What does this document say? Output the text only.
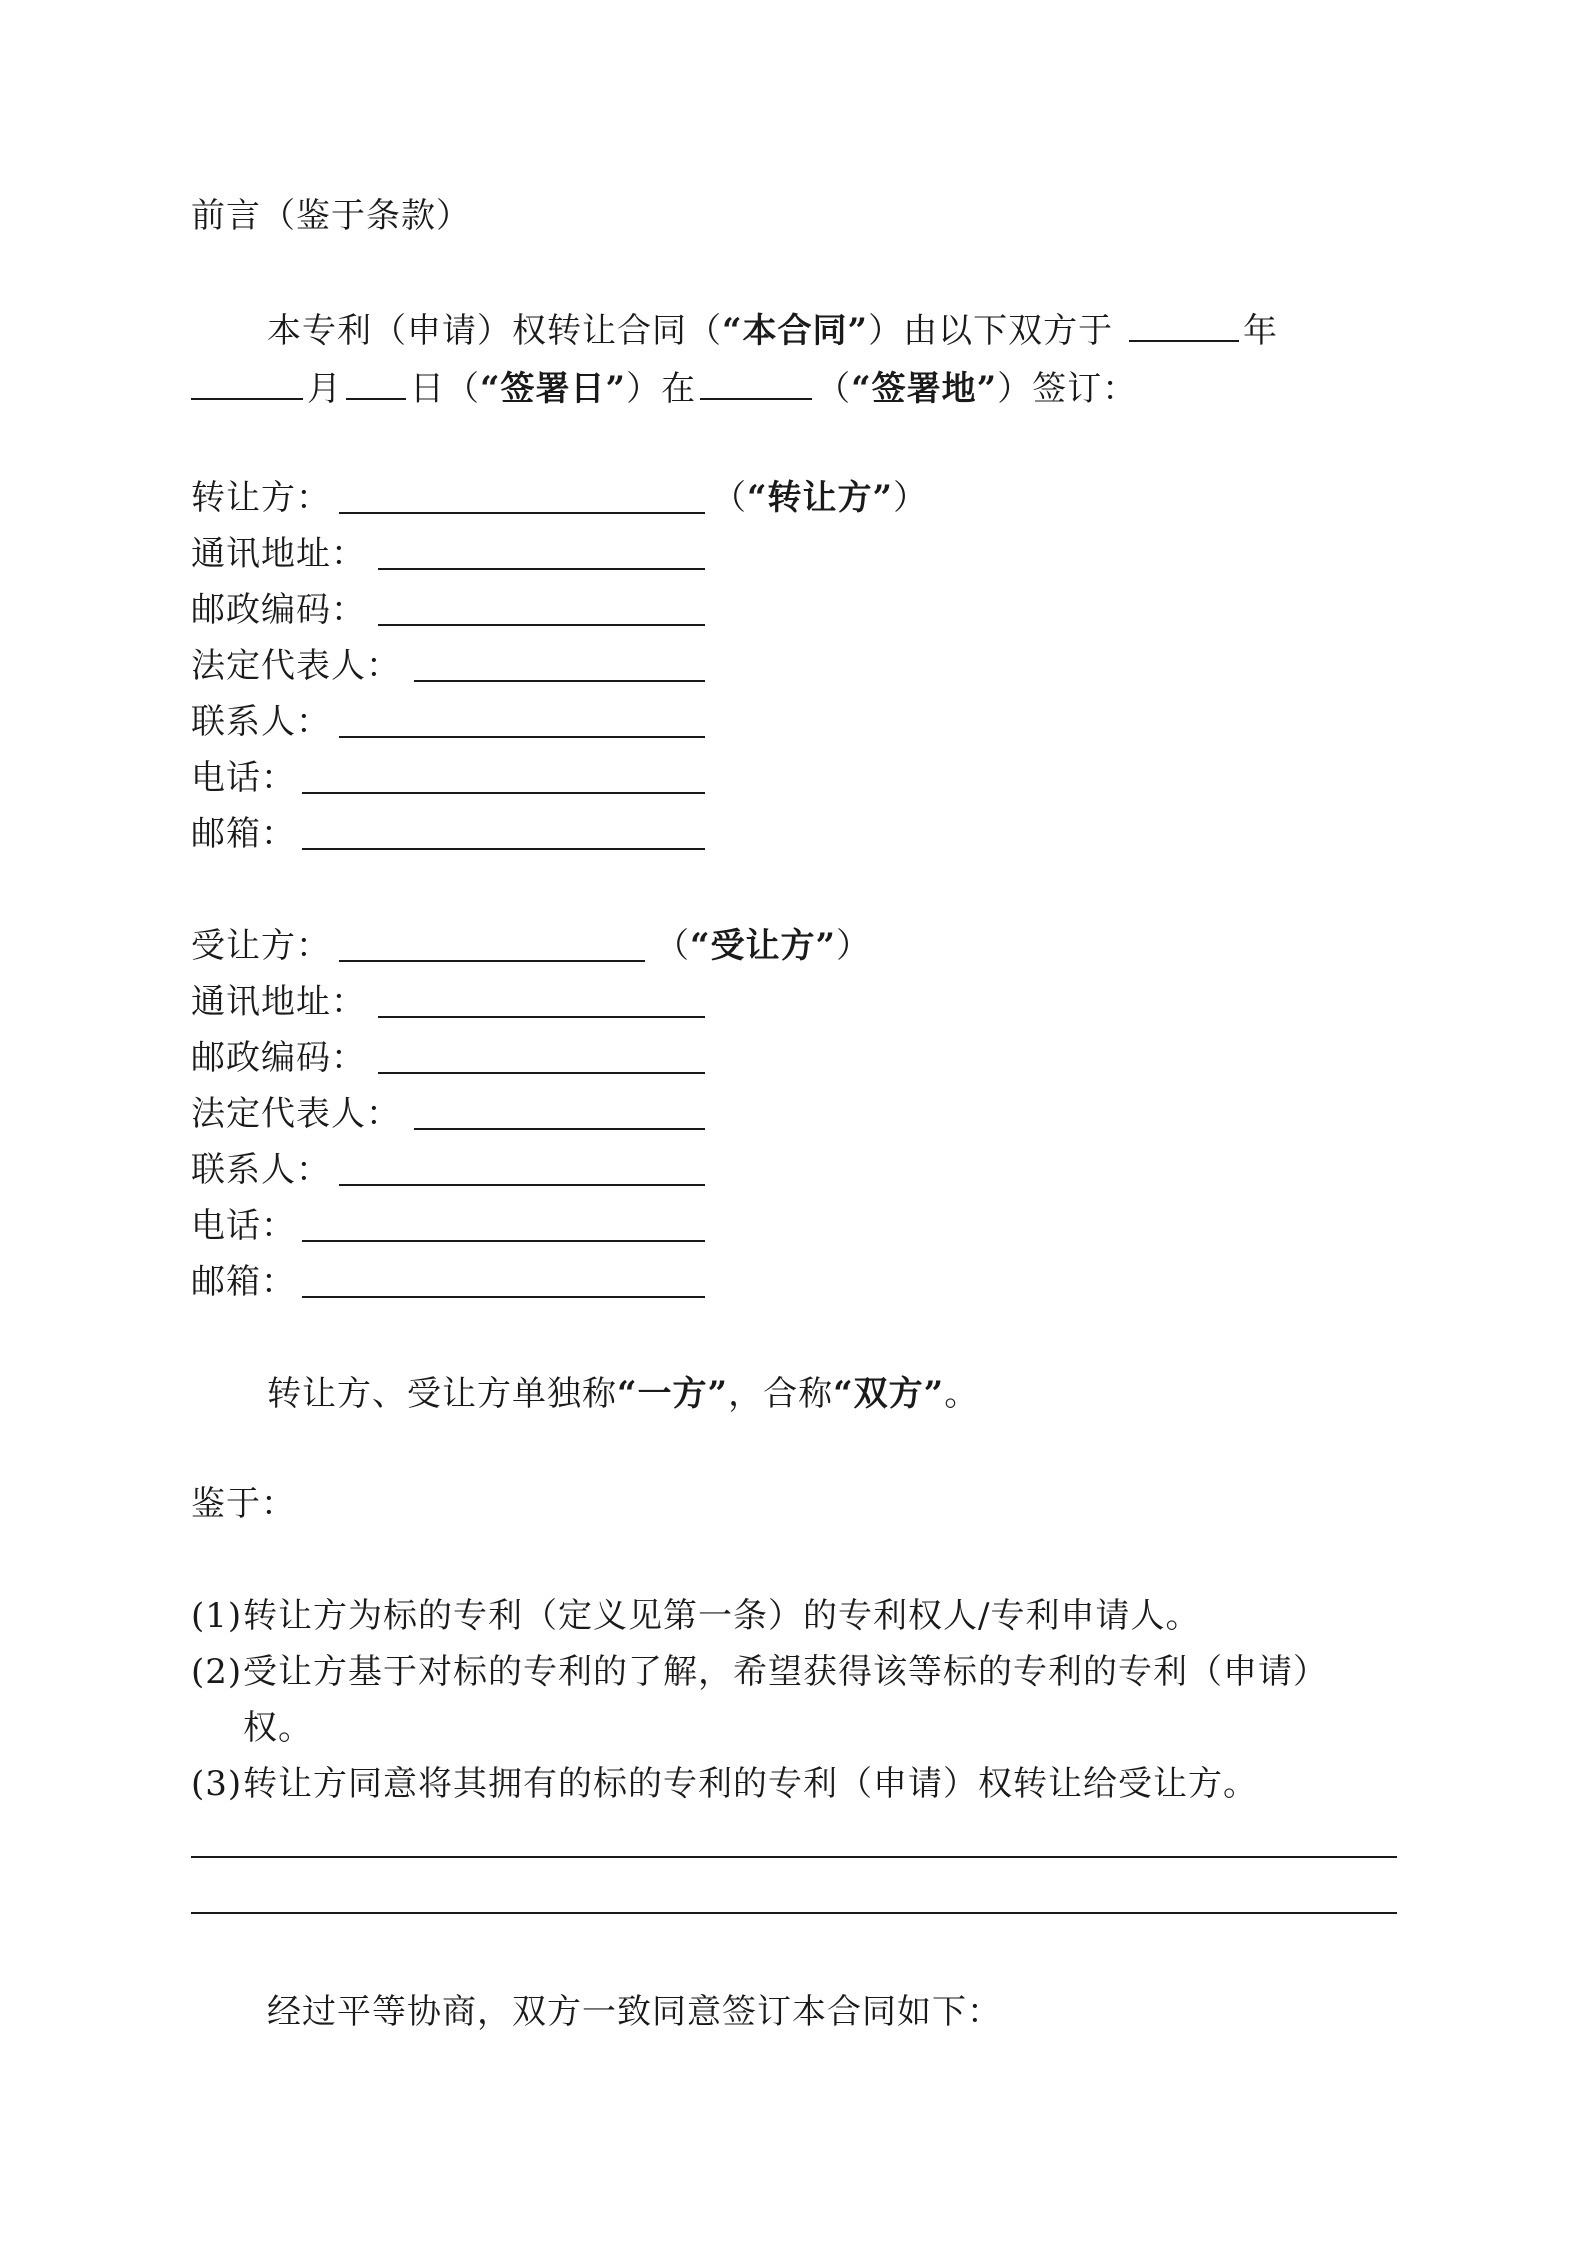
前言（鉴于条款）
本专利（申请）权转让合同（“本合同”）由以下双方于	年
月 日（“签署日”）在	（“签署地”）签订：
转让方：	（“转让方”）
通讯地址：
邮政编码：
法定代表人：
联系人：
电话：
邮箱：
受让方：	（“受让方”）
通讯地址：
邮政编码：
法定代表人：
联系人：
电话：
邮箱：
转让方、受让方单独称“一方”，合称“双方”。
鉴于：
(1)转让方为标的专利（定义见第一条）的专利权人/专利申请人。
(2)受让方基于对标的专利的了解，希望获得该等标的专利的专利（申请）
权。
(3)转让方同意将其拥有的标的专利的专利（申请）权转让给受让方。
经过平等协商，双方一致同意签订本合同如下：
